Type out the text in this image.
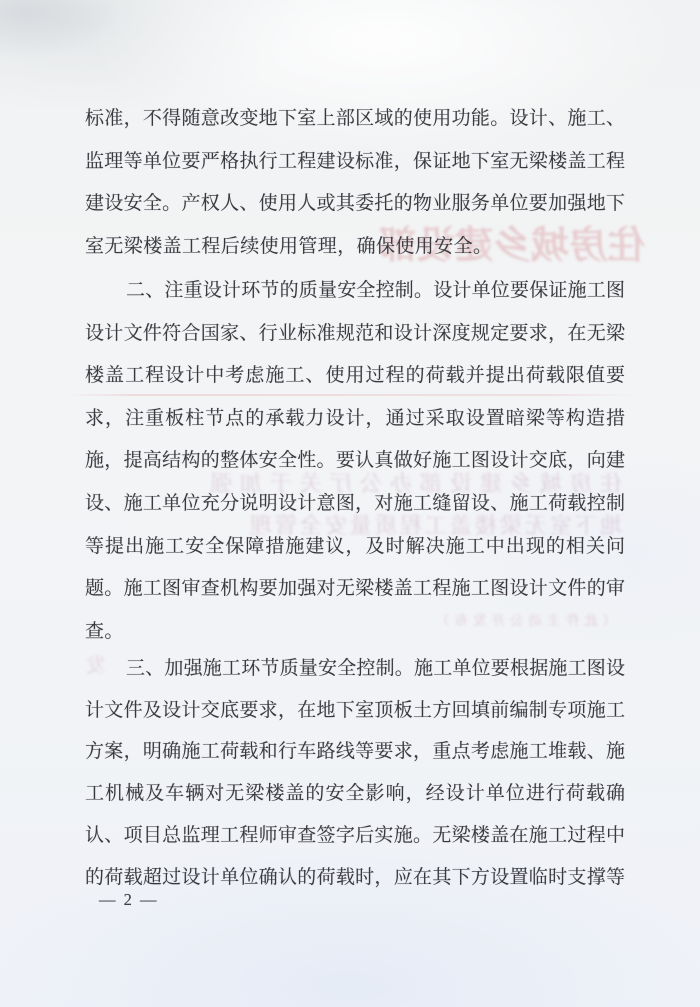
住房城乡建设部
住房城乡建设部办公厅关于加强
地下室无梁楼盖工程质量安全管理
（此件主动公开发布）
发
标准，不得随意改变地下室上部区域的使用功能。设计、施工、
监理等单位要严格执行工程建设标准，保证地下室无梁楼盖工程
建设安全。产权人、使用人或其委托的物业服务单位要加强地下
室无梁楼盖工程后续使用管理，确保使用安全。
二、注重设计环节的质量安全控制。设计单位要保证施工图
设计文件符合国家、行业标准规范和设计深度规定要求，在无梁
楼盖工程设计中考虑施工、使用过程的荷载并提出荷载限值要
求，注重板柱节点的承载力设计，通过采取设置暗梁等构造措
施，提高结构的整体安全性。要认真做好施工图设计交底，向建
设、施工单位充分说明设计意图，对施工缝留设、施工荷载控制
等提出施工安全保障措施建议，及时解决施工中出现的相关问
题。施工图审查机构要加强对无梁楼盖工程施工图设计文件的审
查。
三、加强施工环节质量安全控制。施工单位要根据施工图设
计文件及设计交底要求，在地下室顶板土方回填前编制专项施工
方案，明确施工荷载和行车路线等要求，重点考虑施工堆载、施
工机械及车辆对无梁楼盖的安全影响，经设计单位进行荷载确
认、项目总监理工程师审查签字后实施。无梁楼盖在施工过程中
的荷载超过设计单位确认的荷载时，应在其下方设置临时支撑等
— 2 —
